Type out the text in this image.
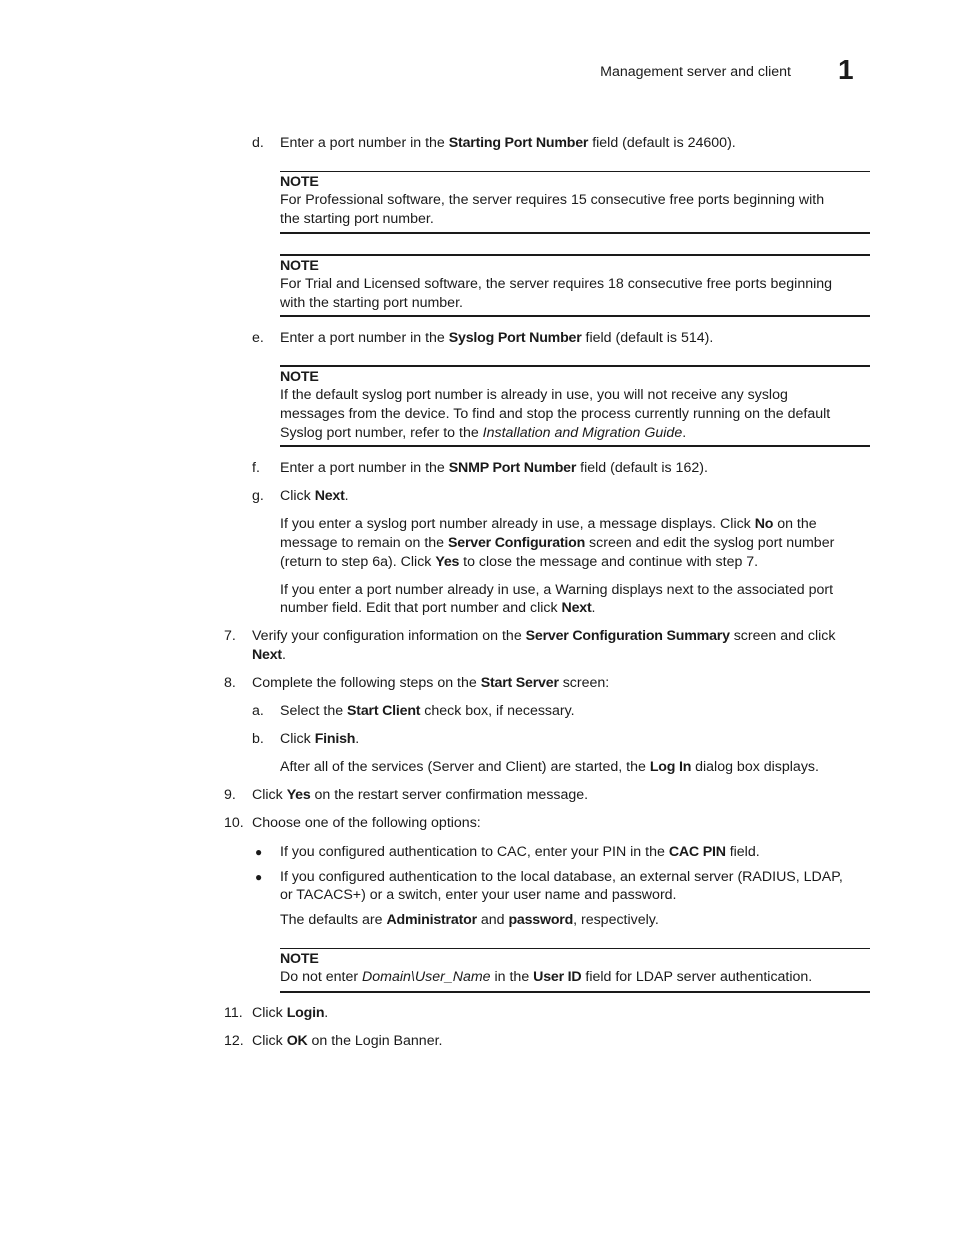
Management server and client 1
d. Enter a port number in the Starting Port Number field (default is 24600).
NOTE
For Professional software, the server requires 15 consecutive free ports beginning with
the starting port number.
NOTE
For Trial and Licensed software, the server requires 18 consecutive free ports beginning
with the starting port number.
e. Enter a port number in the Syslog Port Number field (default is 514).
NOTE
If the default syslog port number is already in use, you will not receive any syslog
messages from the device. To find and stop the process currently running on the default
Syslog port number, refer to the Installation and Migration Guide.
f. Enter a port number in the SNMP Port Number field (default is 162).
g. Click Next.
If you enter a syslog port number already in use, a message displays. Click No on the
message to remain on the Server Configuration screen and edit the syslog port number
(return to step 6a). Click Yes to close the message and continue with step 7.
If you enter a port number already in use, a Warning displays next to the associated port
number field. Edit that port number and click Next.
7. Verify your configuration information on the Server Configuration Summary screen and click
Next.
8. Complete the following steps on the Start Server screen:
a. Select the Start Client check box, if necessary.
b. Click Finish.
After all of the services (Server and Client) are started, the Log In dialog box displays.
9. Click Yes on the restart server confirmation message.
10. Choose one of the following options:
● If you configured authentication to CAC, enter your PIN in the CAC PIN field.
● If you configured authentication to the local database, an external server (RADIUS, LDAP,
or TACACS+) or a switch, enter your user name and password.
The defaults are Administrator and password, respectively.
NOTE
Do not enter Domain\User_Name in the User ID field for LDAP server authentication.
11. Click Login.
12. Click OK on the Login Banner.
